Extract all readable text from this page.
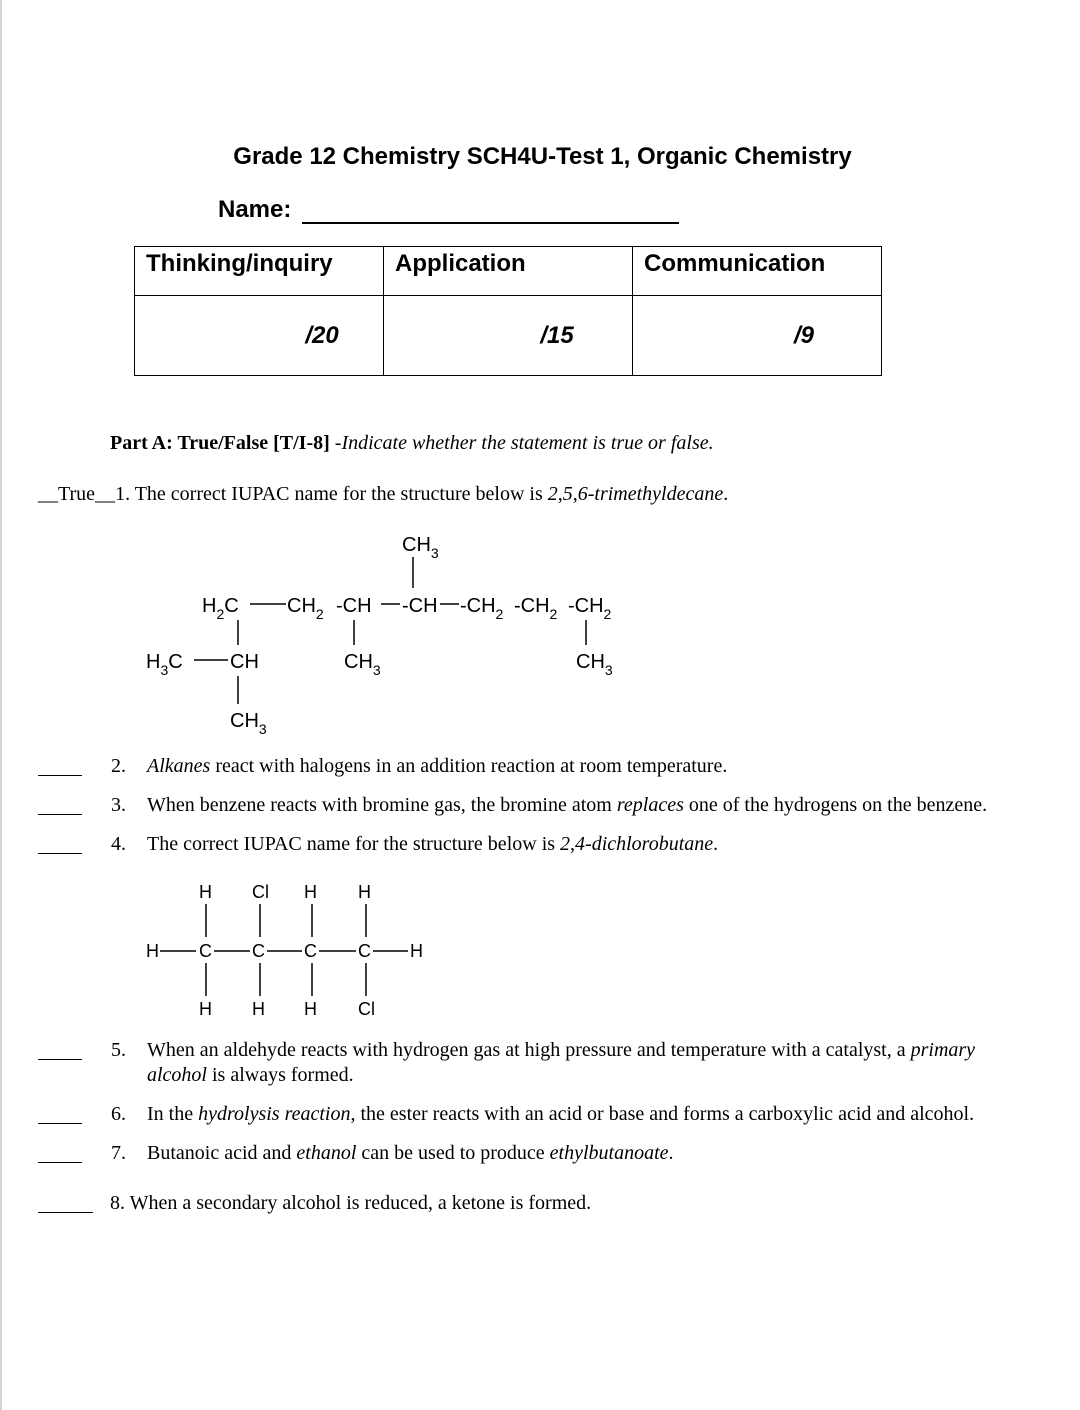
Grade 12 Chemistry SCH4U-Test 1, Organic Chemistry
Name:
Thinking/inquiry	Application	Communication
/20	/15	/9
Part A: True/False [T/I-8] -Indicate whether the statement is true or false.
__True__1. The correct IUPAC name for the structure below is 2,5,6-trimethyldecane.
$CH_3$
$H_2C$ $CH_2$ -CH -CH $-CH_2$ $-CH_2$ $-CH_2$
$H_3C$ CH	$CH_3$	$CH_3$
$CH_3$
H Cl H H
H C C C C H
H H H Cl
2. Alkanes react with halogens in an addition reaction at room temperature.
3. When benzene reacts with bromine gas, the bromine atom replaces one of the hydrogens on the benzene.
4. The correct IUPAC name for the structure below is 2,4-dichlorobutane.
5. When an aldehyde reacts with hydrogen gas at high pressure and temperature with a catalyst, a primary
alcohol is always formed.
6. In the hydrolysis reaction, the ester reacts with an acid or base and forms a carboxylic acid and alcohol.
7. Butanoic acid and ethanol can be used to produce ethylbutanoate.
8. When a secondary alcohol is reduced, a ketone is formed.
